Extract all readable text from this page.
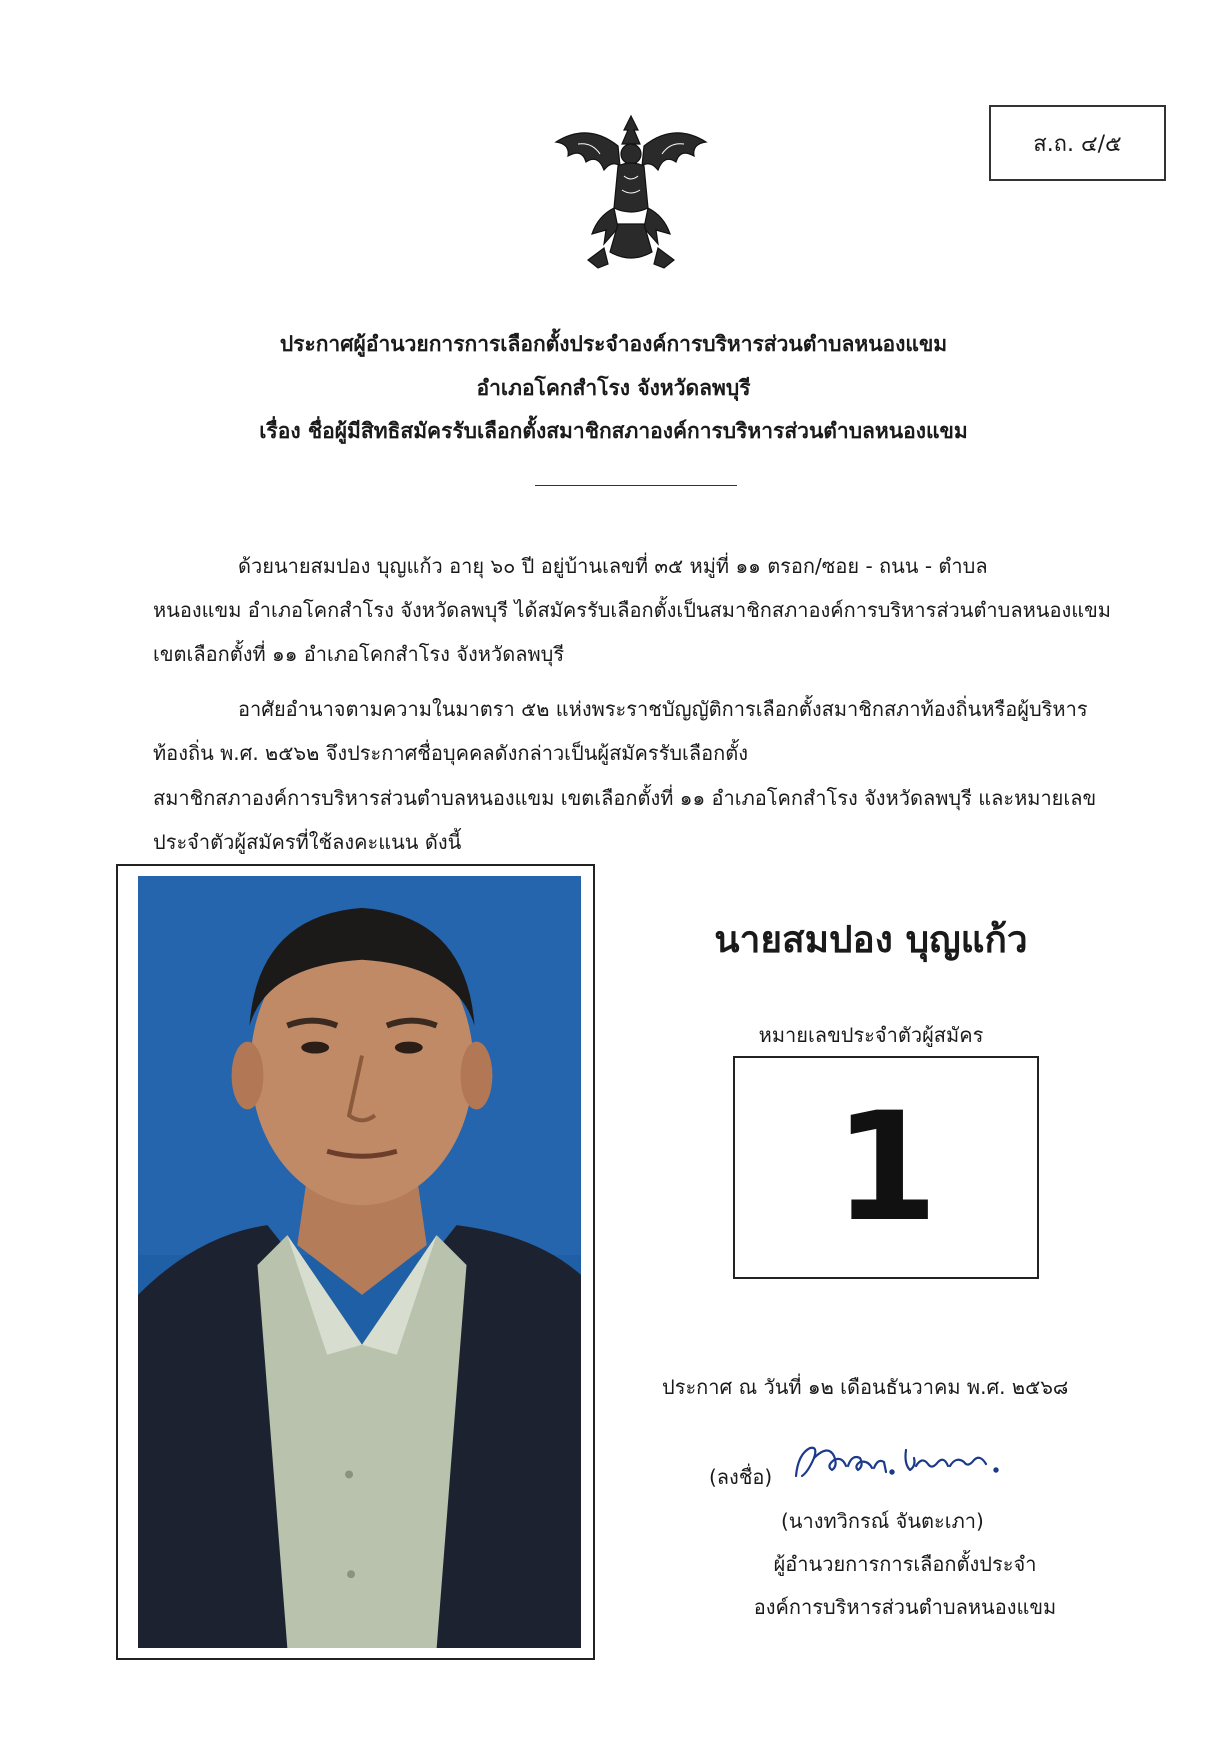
ส.ถ. ๔/๕
ประกาศผู้อำนวยการการเลือกตั้งประจำองค์การบริหารส่วนตำบลหนองแขม
อำเภอโคกสำโรง จังหวัดลพบุรี
เรื่อง ชื่อผู้มีสิทธิสมัครรับเลือกตั้งสมาชิกสภาองค์การบริหารส่วนตำบลหนองแขม
ด้วยนายสมปอง บุญแก้ว อายุ ๖๐ ปี อยู่บ้านเลขที่ ๓๕ หมู่ที่ ๑๑ ตรอก/ซอย - ถนน - ตำบล
หนองแขม อำเภอโคกสำโรง จังหวัดลพบุรี ได้สมัครรับเลือกตั้งเป็นสมาชิกสภาองค์การบริหารส่วนตำบลหนองแขม
เขตเลือกตั้งที่ ๑๑ อำเภอโคกสำโรง จังหวัดลพบุรี
อาศัยอำนาจตามความในมาตรา ๕๒ แห่งพระราชบัญญัติการเลือกตั้งสมาชิกสภาท้องถิ่นหรือผู้บริหาร
ท้องถิ่น พ.ศ. ๒๕๖๒ จึงประกาศชื่อบุคคลดังกล่าวเป็นผู้สมัครรับเลือกตั้ง
สมาชิกสภาองค์การบริหารส่วนตำบลหนองแขม เขตเลือกตั้งที่ ๑๑ อำเภอโคกสำโรง จังหวัดลพบุรี และหมายเลข
ประจำตัวผู้สมัครที่ใช้ลงคะแนน ดังนี้
นายสมปอง บุญแก้ว
หมายเลขประจำตัวผู้สมัคร
1
ประกาศ ณ วันที่ ๑๒ เดือนธันวาคม พ.ศ. ๒๕๖๘
(ลงชื่อ)
(นางทวิกรณ์ จันตะเภา)
ผู้อำนวยการการเลือกตั้งประจำ
องค์การบริหารส่วนตำบลหนองแขม
